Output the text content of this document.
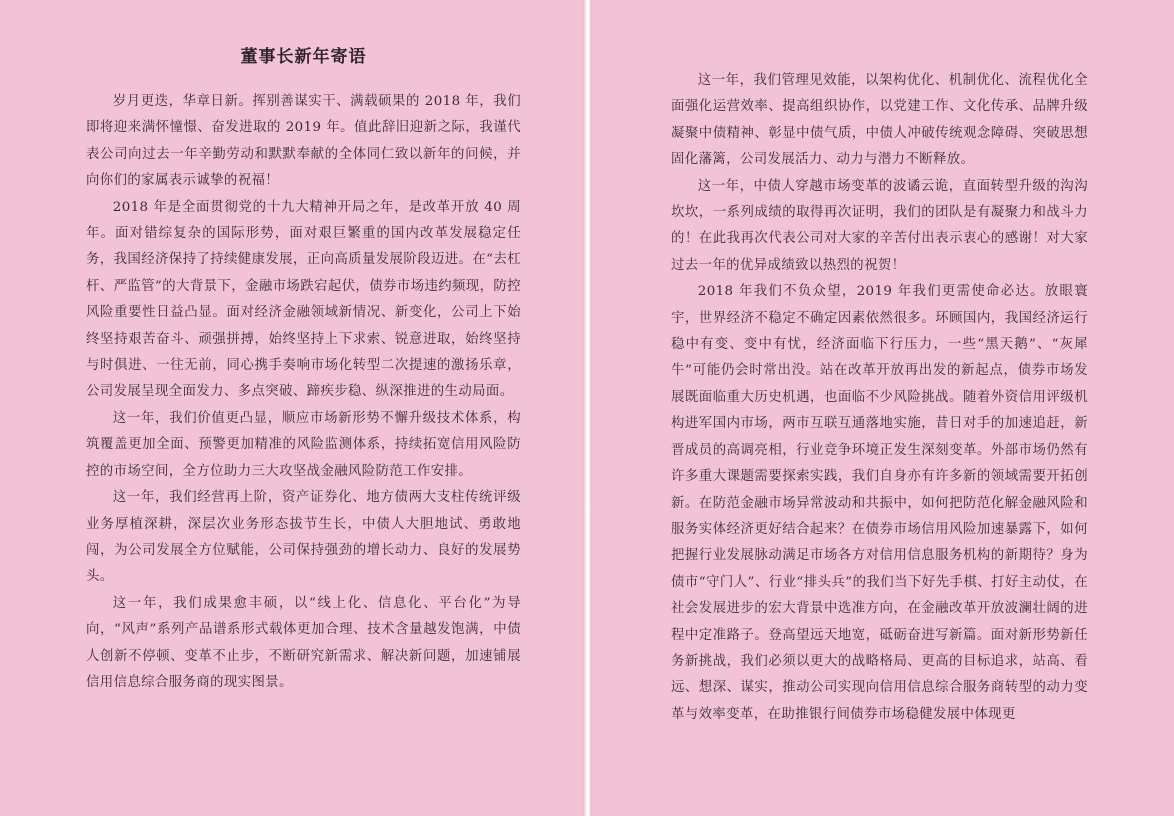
董事长新年寄语

岁月更迭，华章日新。挥别善谋实干、满载硕果的 2018 年，我们即将迎来满怀憧憬、奋发进取的 2019 年。值此辞旧迎新之际，我谨代表公司向过去一年辛勤劳动和默默奉献的全体同仁致以新年的问候，并向你们的家属表示诚挚的祝福！

2018 年是全面贯彻党的十九大精神开局之年，是改革开放 40 周年。面对错综复杂的国际形势，面对艰巨繁重的国内改革发展稳定任务，我国经济保持了持续健康发展，正向高质量发展阶段迈进。在“去杠杆、严监管”的大背景下，金融市场跌宕起伏，债券市场违约频现，防控风险重要性日益凸显。面对经济金融领域新情况、新变化，公司上下始终坚持艰苦奋斗、顽强拼搏，始终坚持上下求索、锐意进取，始终坚持与时俱进、一往无前，同心携手奏响市场化转型二次提速的激扬乐章，公司发展呈现全面发力、多点突破、蹄疾步稳、纵深推进的生动局面。

这一年，我们价值更凸显，顺应市场新形势不懈升级技术体系，构筑覆盖更加全面、预警更加精准的风险监测体系，持续拓宽信用风险防控的市场空间，全方位助力三大攻坚战金融风险防范工作安排。

这一年，我们经营再上阶，资产证券化、地方债两大支柱传统评级业务厚植深耕，深层次业务形态拔节生长，中债人大胆地试、勇敢地闯，为公司发展全方位赋能，公司保持强劲的增长动力、良好的发展势头。

这一年，我们成果愈丰硕，以“线上化、信息化、平台化”为导向，“风声”系列产品谱系形式载体更加合理、技术含量越发饱满，中债人创新不停顿、变革不止步，不断研究新需求、解决新问题，加速铺展信用信息综合服务商的现实图景。

这一年，我们管理见效能，以架构优化、机制优化、流程优化全面强化运营效率、提高组织协作，以党建工作、文化传承、品牌升级凝聚中债精神、彰显中债气质，中债人冲破传统观念障碍、突破思想固化藩篱，公司发展活力、动力与潜力不断释放。

这一年，中债人穿越市场变革的波谲云诡，直面转型升级的沟沟坎坎，一系列成绩的取得再次证明，我们的团队是有凝聚力和战斗力的！在此我再次代表公司对大家的辛苦付出表示衷心的感谢！对大家过去一年的优异成绩致以热烈的祝贺！

2018 年我们不负众望，2019 年我们更需使命必达。放眼寰宇，世界经济不稳定不确定因素依然很多。环顾国内，我国经济运行稳中有变、变中有忧，经济面临下行压力，一些“黑天鹅”、“灰犀牛”可能仍会时常出没。站在改革开放再出发的新起点，债券市场发展既面临重大历史机遇，也面临不少风险挑战。随着外资信用评级机构进军国内市场，两市互联互通落地实施，昔日对手的加速追赶，新晋成员的高调亮相，行业竞争环境正发生深刻变革。外部市场仍然有许多重大课题需要探索实践，我们自身亦有许多新的领域需要开拓创新。在防范金融市场异常波动和共振中，如何把防范化解金融风险和服务实体经济更好结合起来？在债券市场信用风险加速暴露下，如何把握行业发展脉动满足市场各方对信用信息服务机构的新期待？身为债市“守门人”、行业“排头兵”的我们当下好先手棋、打好主动仗，在社会发展进步的宏大背景中选准方向，在金融改革开放波澜壮阔的进程中定准路子。登高望远天地宽，砥砺奋进写新篇。面对新形势新任务新挑战，我们必须以更大的战略格局、更高的目标追求，站高、看远、想深、谋实，推动公司实现向信用信息综合服务商转型的动力变革与效率变革，在助推银行间债券市场稳健发展中体现更
